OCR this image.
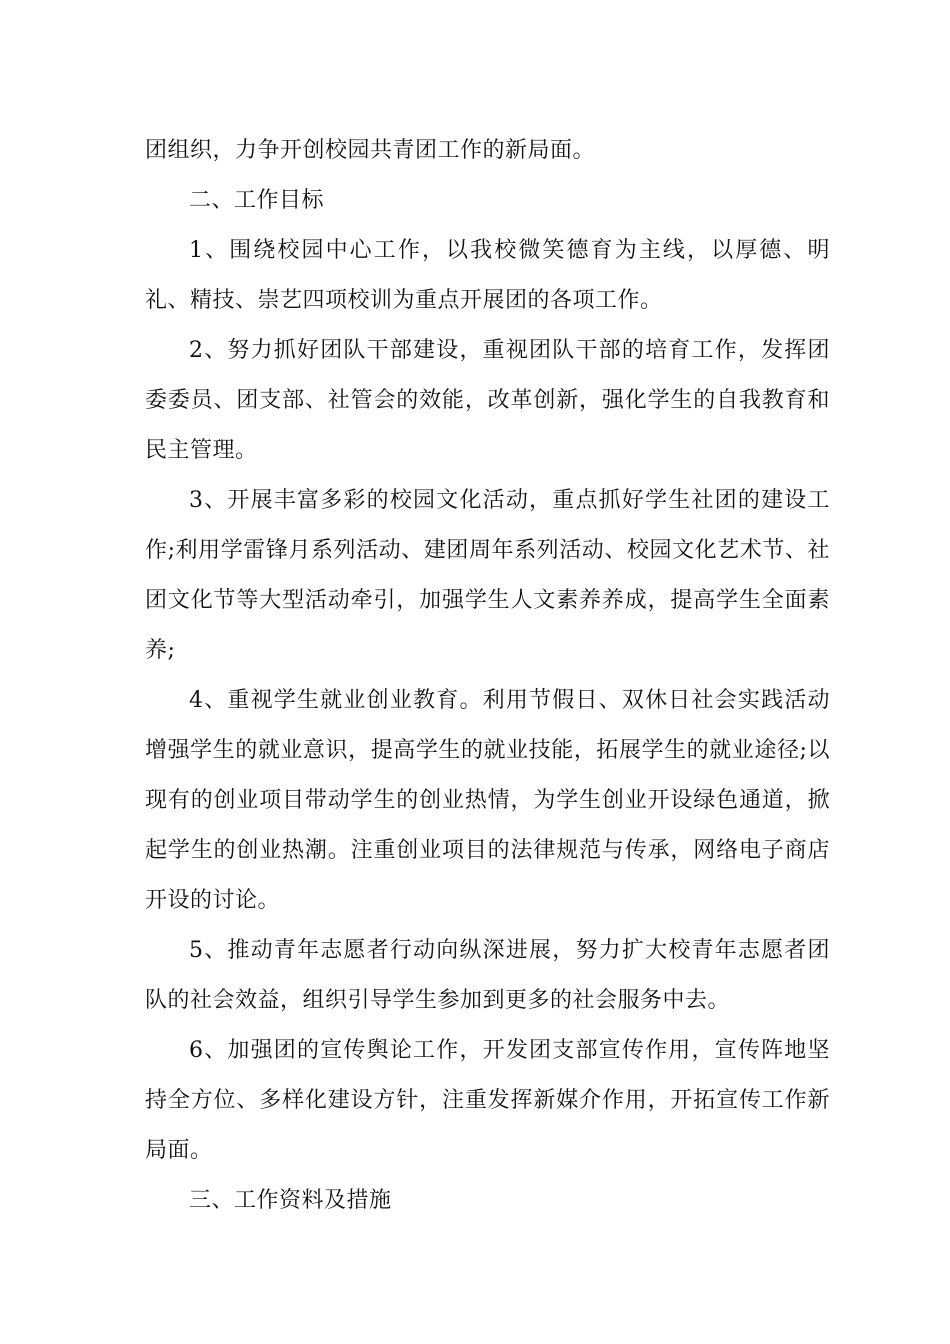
团组织，力争开创校园共青团工作的新局面。

二、工作目标

1、围绕校园中心工作，以我校微笑德育为主线，以厚德、明礼、精技、崇艺四项校训为重点开展团的各项工作。

2、努力抓好团队干部建设，重视团队干部的培育工作，发挥团委委员、团支部、社管会的效能，改革创新，强化学生的自我教育和民主管理。

3、开展丰富多彩的校园文化活动，重点抓好学生社团的建设工作;利用学雷锋月系列活动、建团周年系列活动、校园文化艺术节、社团文化节等大型活动牵引，加强学生人文素养养成，提高学生全面素养;

4、重视学生就业创业教育。利用节假日、双休日社会实践活动增强学生的就业意识，提高学生的就业技能，拓展学生的就业途径;以现有的创业项目带动学生的创业热情，为学生创业开设绿色通道，掀起学生的创业热潮。注重创业项目的法律规范与传承，网络电子商店开设的讨论。

5、推动青年志愿者行动向纵深进展，努力扩大校青年志愿者团队的社会效益，组织引导学生参加到更多的社会服务中去。

6、加强团的宣传舆论工作，开发团支部宣传作用，宣传阵地坚持全方位、多样化建设方针，注重发挥新媒介作用，开拓宣传工作新局面。

三、工作资料及措施
